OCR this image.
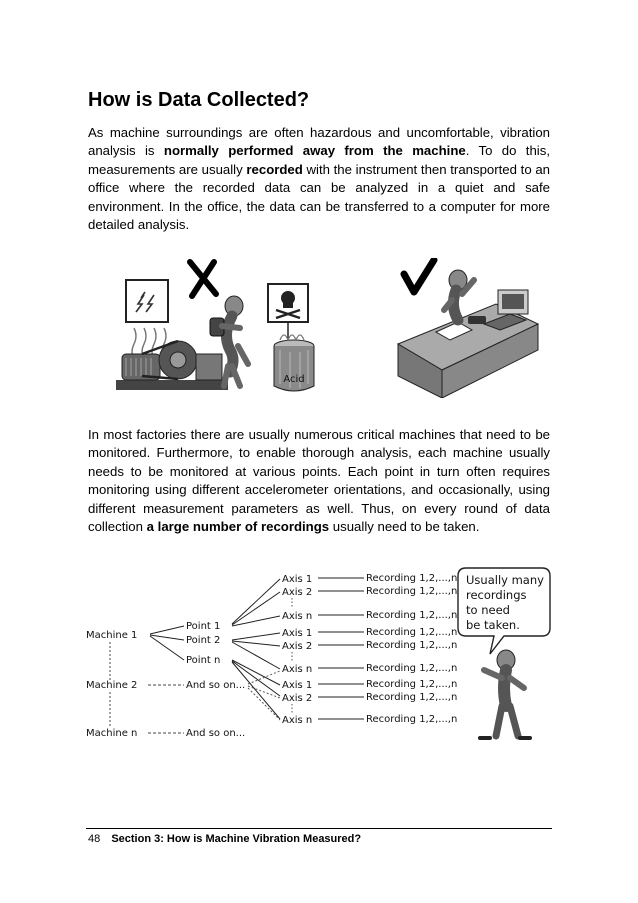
How is Data Collected?
As machine surroundings are often hazardous and uncomfortable, vibration analysis is normally performed away from the machine. To do this, measurements are usually recorded with the instrument then transported to an office where the recorded data can be analyzed in a quiet and safe environment. In the office, the data can be transferred to a computer for more detailed analysis.
Acid
In most factories there are usually numerous critical machines that need to be monitored. Furthermore, to enable thorough analysis, each machine usually needs to be monitored at various points. Each point in turn often requires monitoring using different accelerometer orientations, and occasionally, using different measurement parameters as well. Thus, on every round of data collection a large number of recordings usually need to be taken.
Machine 1
Machine 2
Machine n
Point 1
Point 2
Point n
And so on...
And so on...
Axis 1
Axis 2
Axis n
Axis 1
Axis 2
Axis n
Axis 1
Axis 2
Axis n
Recording 1,2,...,n
Recording 1,2,...,n
Recording 1,2,...,n
Recording 1,2,...,n
Recording 1,2,...,n
Recording 1,2,...,n
Recording 1,2,...,n
Recording 1,2,...,n
Recording 1,2,...,n
Usually many
recordings
to need
be taken.
48 Section 3: How is Machine Vibration Measured?
